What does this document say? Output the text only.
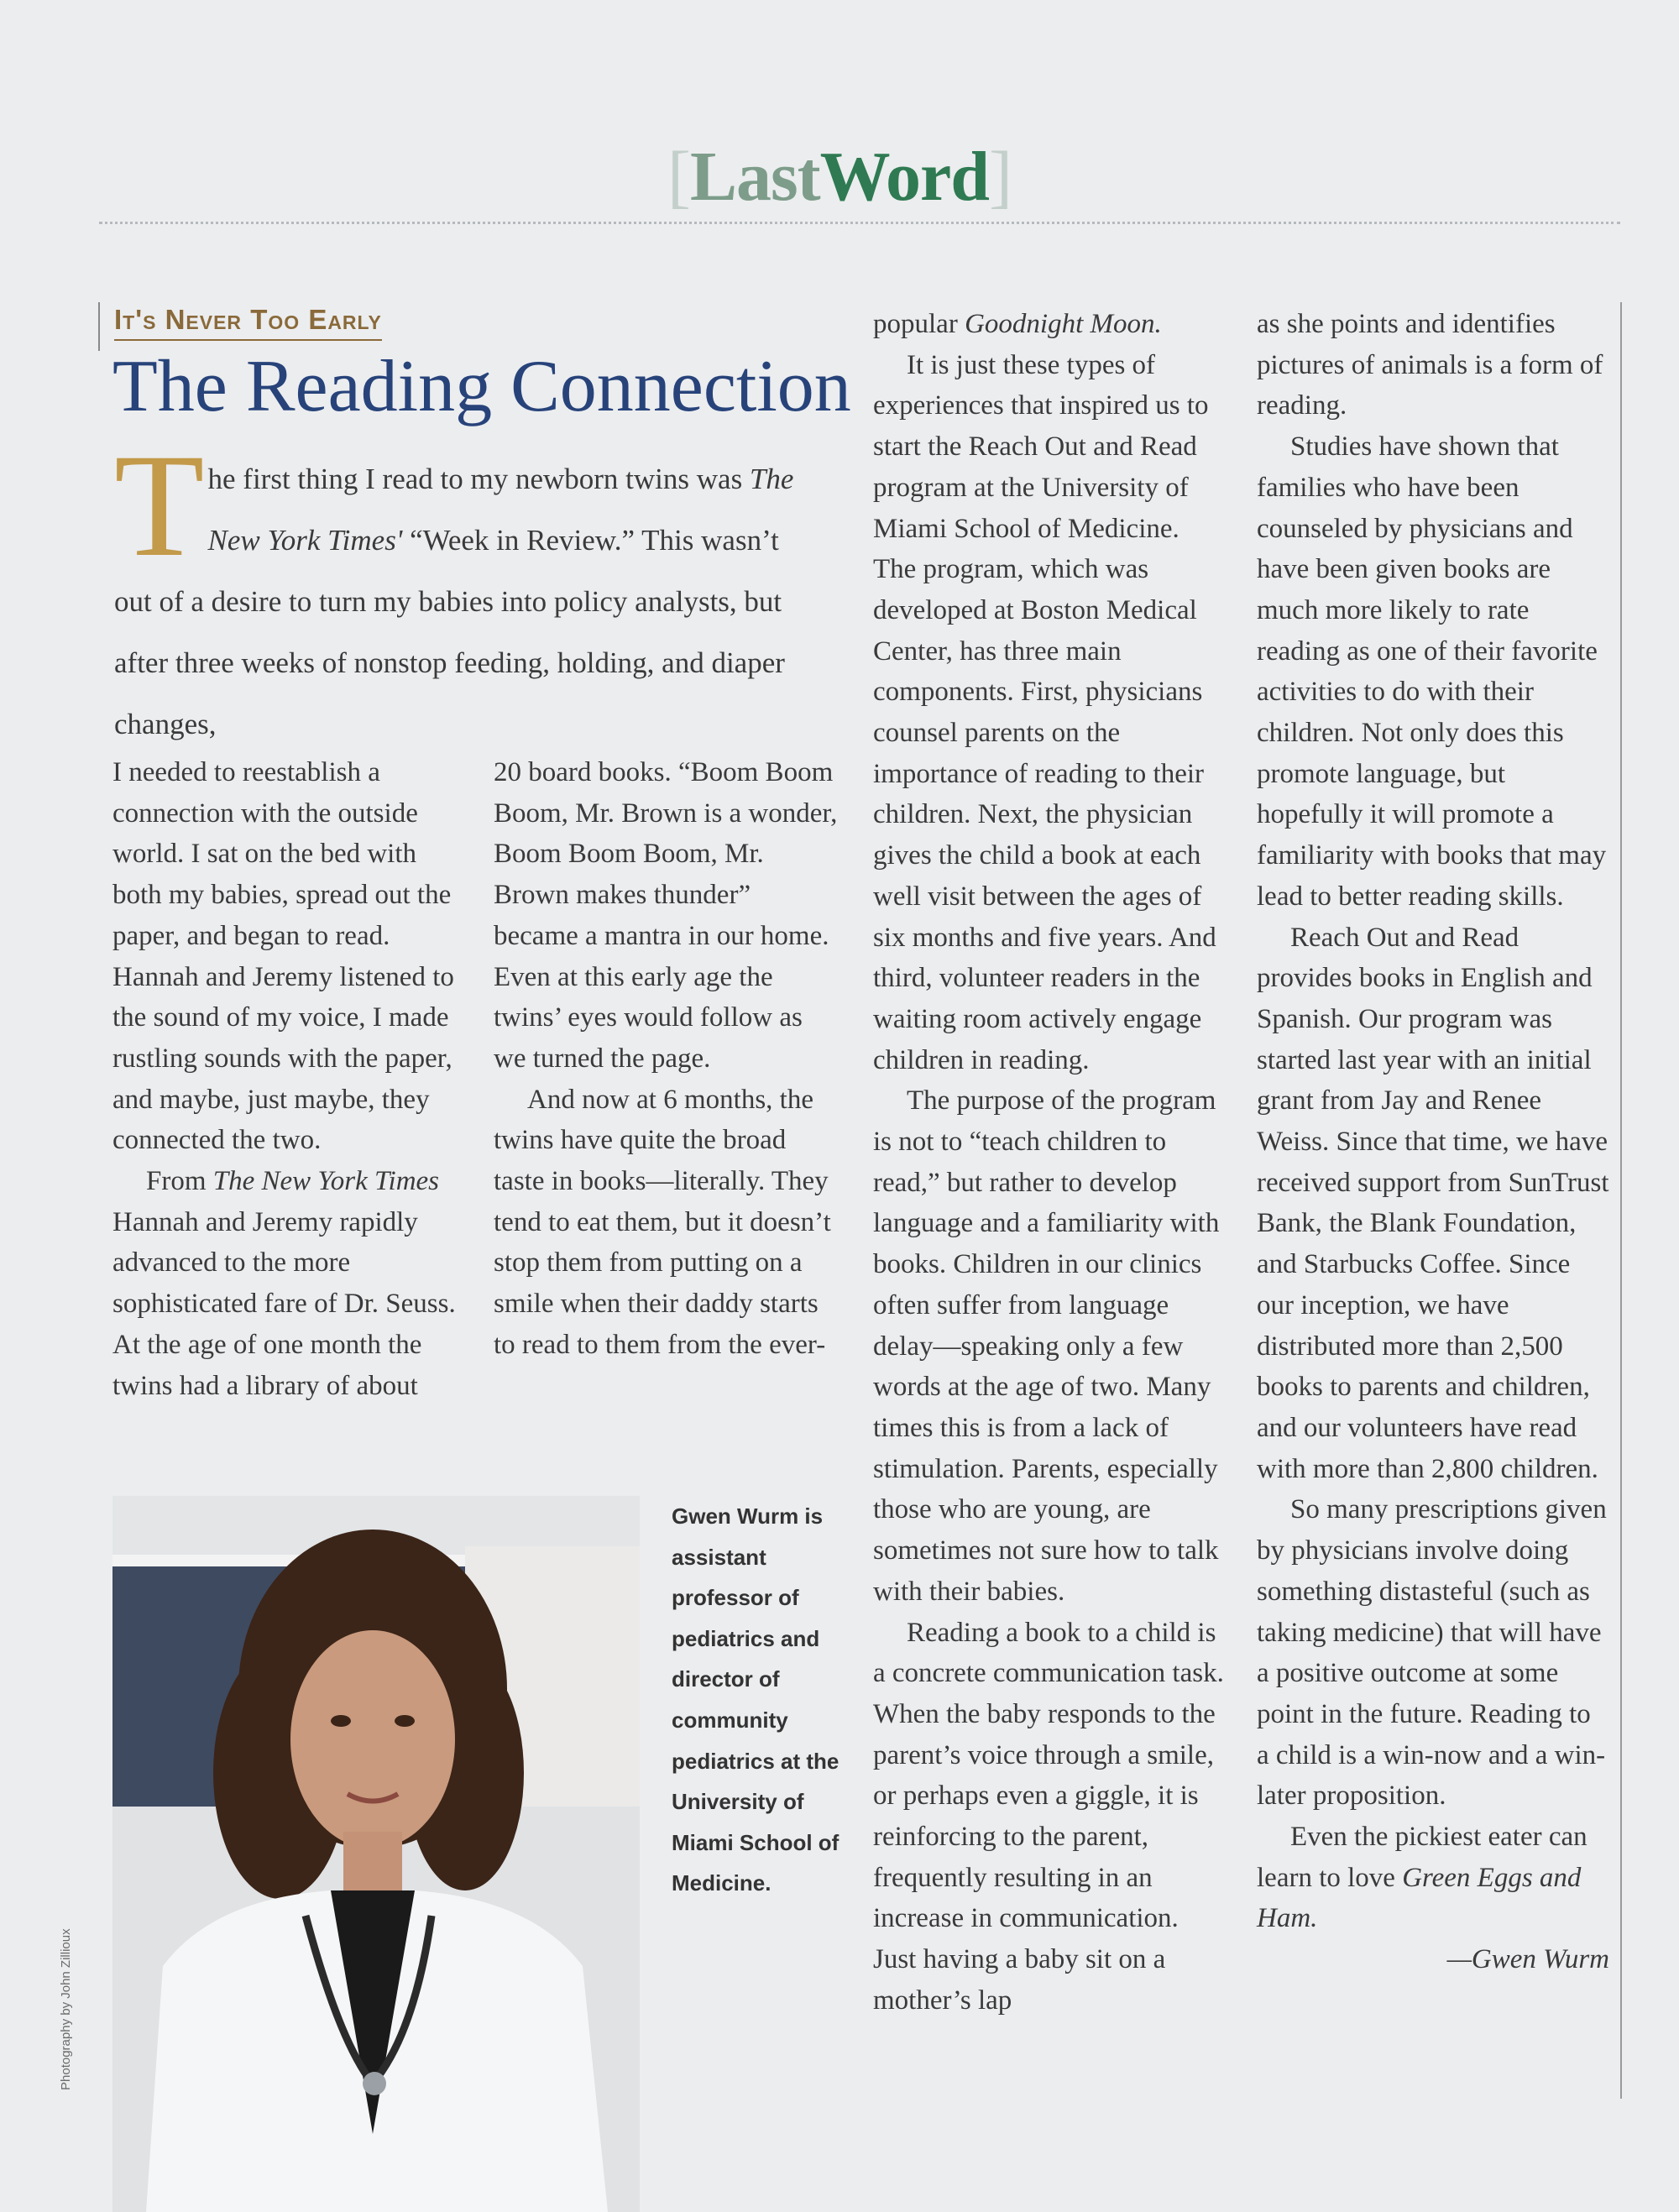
[LastWord]
It's Never Too Early
The Reading Connection
The first thing I read to my newborn twins was The New York Times' “Week in Review.” This wasn’t out of a desire to turn my babies into policy analysts, but after three weeks of nonstop feeding, holding, and diaper changes,

I needed to reestablish a connection with the outside world. I sat on the bed with both my babies, spread out the paper, and began to read. Hannah and Jeremy listened to the sound of my voice, I made rustling sounds with the paper, and maybe, just maybe, they connected the two.

From The New York Times Hannah and Jeremy rapidly advanced to the more sophisticated fare of Dr. Seuss. At the age of one month the twins had a library of about

20 board books. “Boom Boom Boom, Mr. Brown is a wonder, Boom Boom Boom, Mr. Brown makes thunder” became a mantra in our home. Even at this early age the twins’ eyes would follow as we turned the page.

And now at 6 months, the twins have quite the broad taste in books—literally. They tend to eat them, but it doesn’t stop them from putting on a smile when their daddy starts to read to them from the ever-

popular Goodnight Moon.

It is just these types of experiences that inspired us to start the Reach Out and Read program at the University of Miami School of Medicine. The program, which was developed at Boston Medical Center, has three main components. First, physicians counsel parents on the importance of reading to their children. Next, the physician gives the child a book at each well visit between the ages of six months and five years. And third, volunteer readers in the waiting room actively engage children in reading.

The purpose of the program is not to “teach children to read,” but rather to develop language and a familiarity with books. Children in our clinics often suffer from language delay—speaking only a few words at the age of two. Many times this is from a lack of stimulation. Parents, especially those who are young, are sometimes not sure how to talk with their babies.

Reading a book to a child is a concrete communication task. When the baby responds to the parent’s voice through a smile, or perhaps even a giggle, it is reinforcing to the parent, frequently resulting in an increase in communication. Just having a baby sit on a mother’s lap

as she points and identifies pictures of animals is a form of reading.

Studies have shown that families who have been counseled by physicians and have been given books are much more likely to rate reading as one of their favorite activities to do with their children. Not only does this promote language, but hopefully it will promote a familiarity with books that may lead to better reading skills.

Reach Out and Read provides books in English and Spanish. Our program was started last year with an initial grant from Jay and Renee Weiss. Since that time, we have received support from SunTrust Bank, the Blank Foundation, and Starbucks Coffee. Since our inception, we have distributed more than 2,500 books to parents and children, and our volunteers have read with more than 2,800 children.

So many prescriptions given by physicians involve doing something distasteful (such as taking medicine) that will have a positive outcome at some point in the future. Reading to a child is a win-now and a win-later proposition.

Even the pickiest eater can learn to love Green Eggs and Ham.

—Gwen Wurm

Gwen Wurm is assistant professor of pediatrics and director of community pediatrics at the University of Miami School of Medicine.
Photography by John Zillioux
